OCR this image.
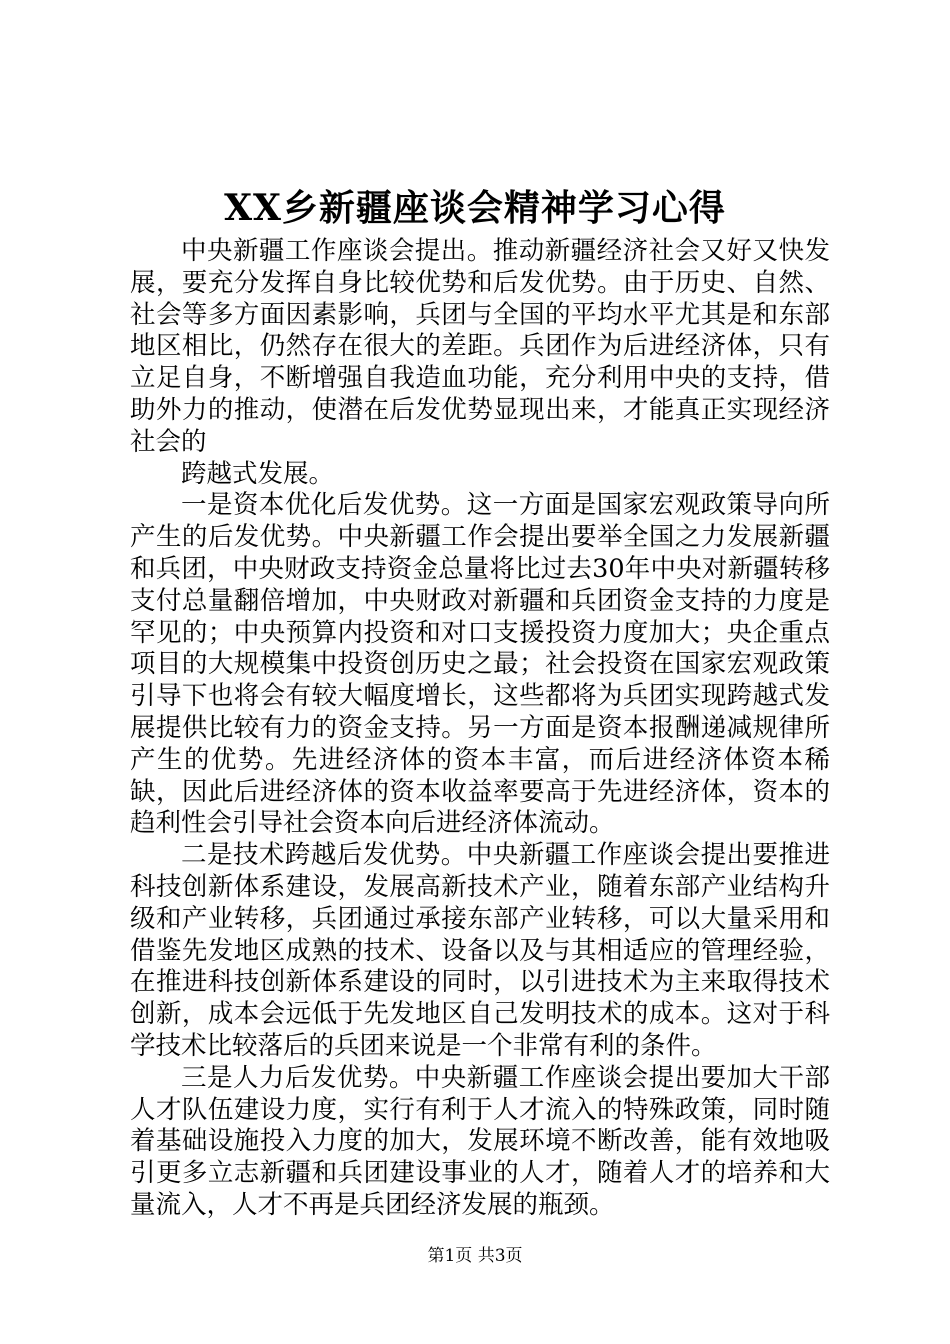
XX乡新疆座谈会精神学习心得

中央新疆工作座谈会提出。推动新疆经济社会又好又快发展，要充分发挥自身比较优势和后发优势。由于历史、自然、社会等多方面因素影响，兵团与全国的平均水平尤其是和东部地区相比，仍然存在很大的差距。兵团作为后进经济体，只有立足自身，不断增强自我造血功能，充分利用中央的支持，借助外力的推动，使潜在后发优势显现出来，才能真正实现经济社会的

跨越式发展。

一是资本优化后发优势。这一方面是国家宏观政策导向所产生的后发优势。中央新疆工作会提出要举全国之力发展新疆和兵团，中央财政支持资金总量将比过去30年中央对新疆转移支付总量翻倍增加，中央财政对新疆和兵团资金支持的力度是罕见的；中央预算内投资和对口支援投资力度加大；央企重点项目的大规模集中投资创历史之最；社会投资在国家宏观政策引导下也将会有较大幅度增长，这些都将为兵团实现跨越式发展提供比较有力的资金支持。另一方面是资本报酬递减规律所产生的优势。先进经济体的资本丰富，而后进经济体资本稀缺，因此后进经济体的资本收益率要高于先进经济体，资本的趋利性会引导社会资本向后进经济体流动。

二是技术跨越后发优势。中央新疆工作座谈会提出要推进科技创新体系建设，发展高新技术产业，随着东部产业结构升级和产业转移，兵团通过承接东部产业转移，可以大量采用和借鉴先发地区成熟的技术、设备以及与其相适应的管理经验，在推进科技创新体系建设的同时，以引进技术为主来取得技术创新，成本会远低于先发地区自己发明技术的成本。这对于科学技术比较落后的兵团来说是一个非常有利的条件。

三是人力后发优势。中央新疆工作座谈会提出要加大干部人才队伍建设力度，实行有利于人才流入的特殊政策，同时随着基础设施投入力度的加大，发展环境不断改善，能有效地吸引更多立志新疆和兵团建设事业的人才，随着人才的培养和大量流入，人才不再是兵团经济发展的瓶颈。

第1页 共3页
